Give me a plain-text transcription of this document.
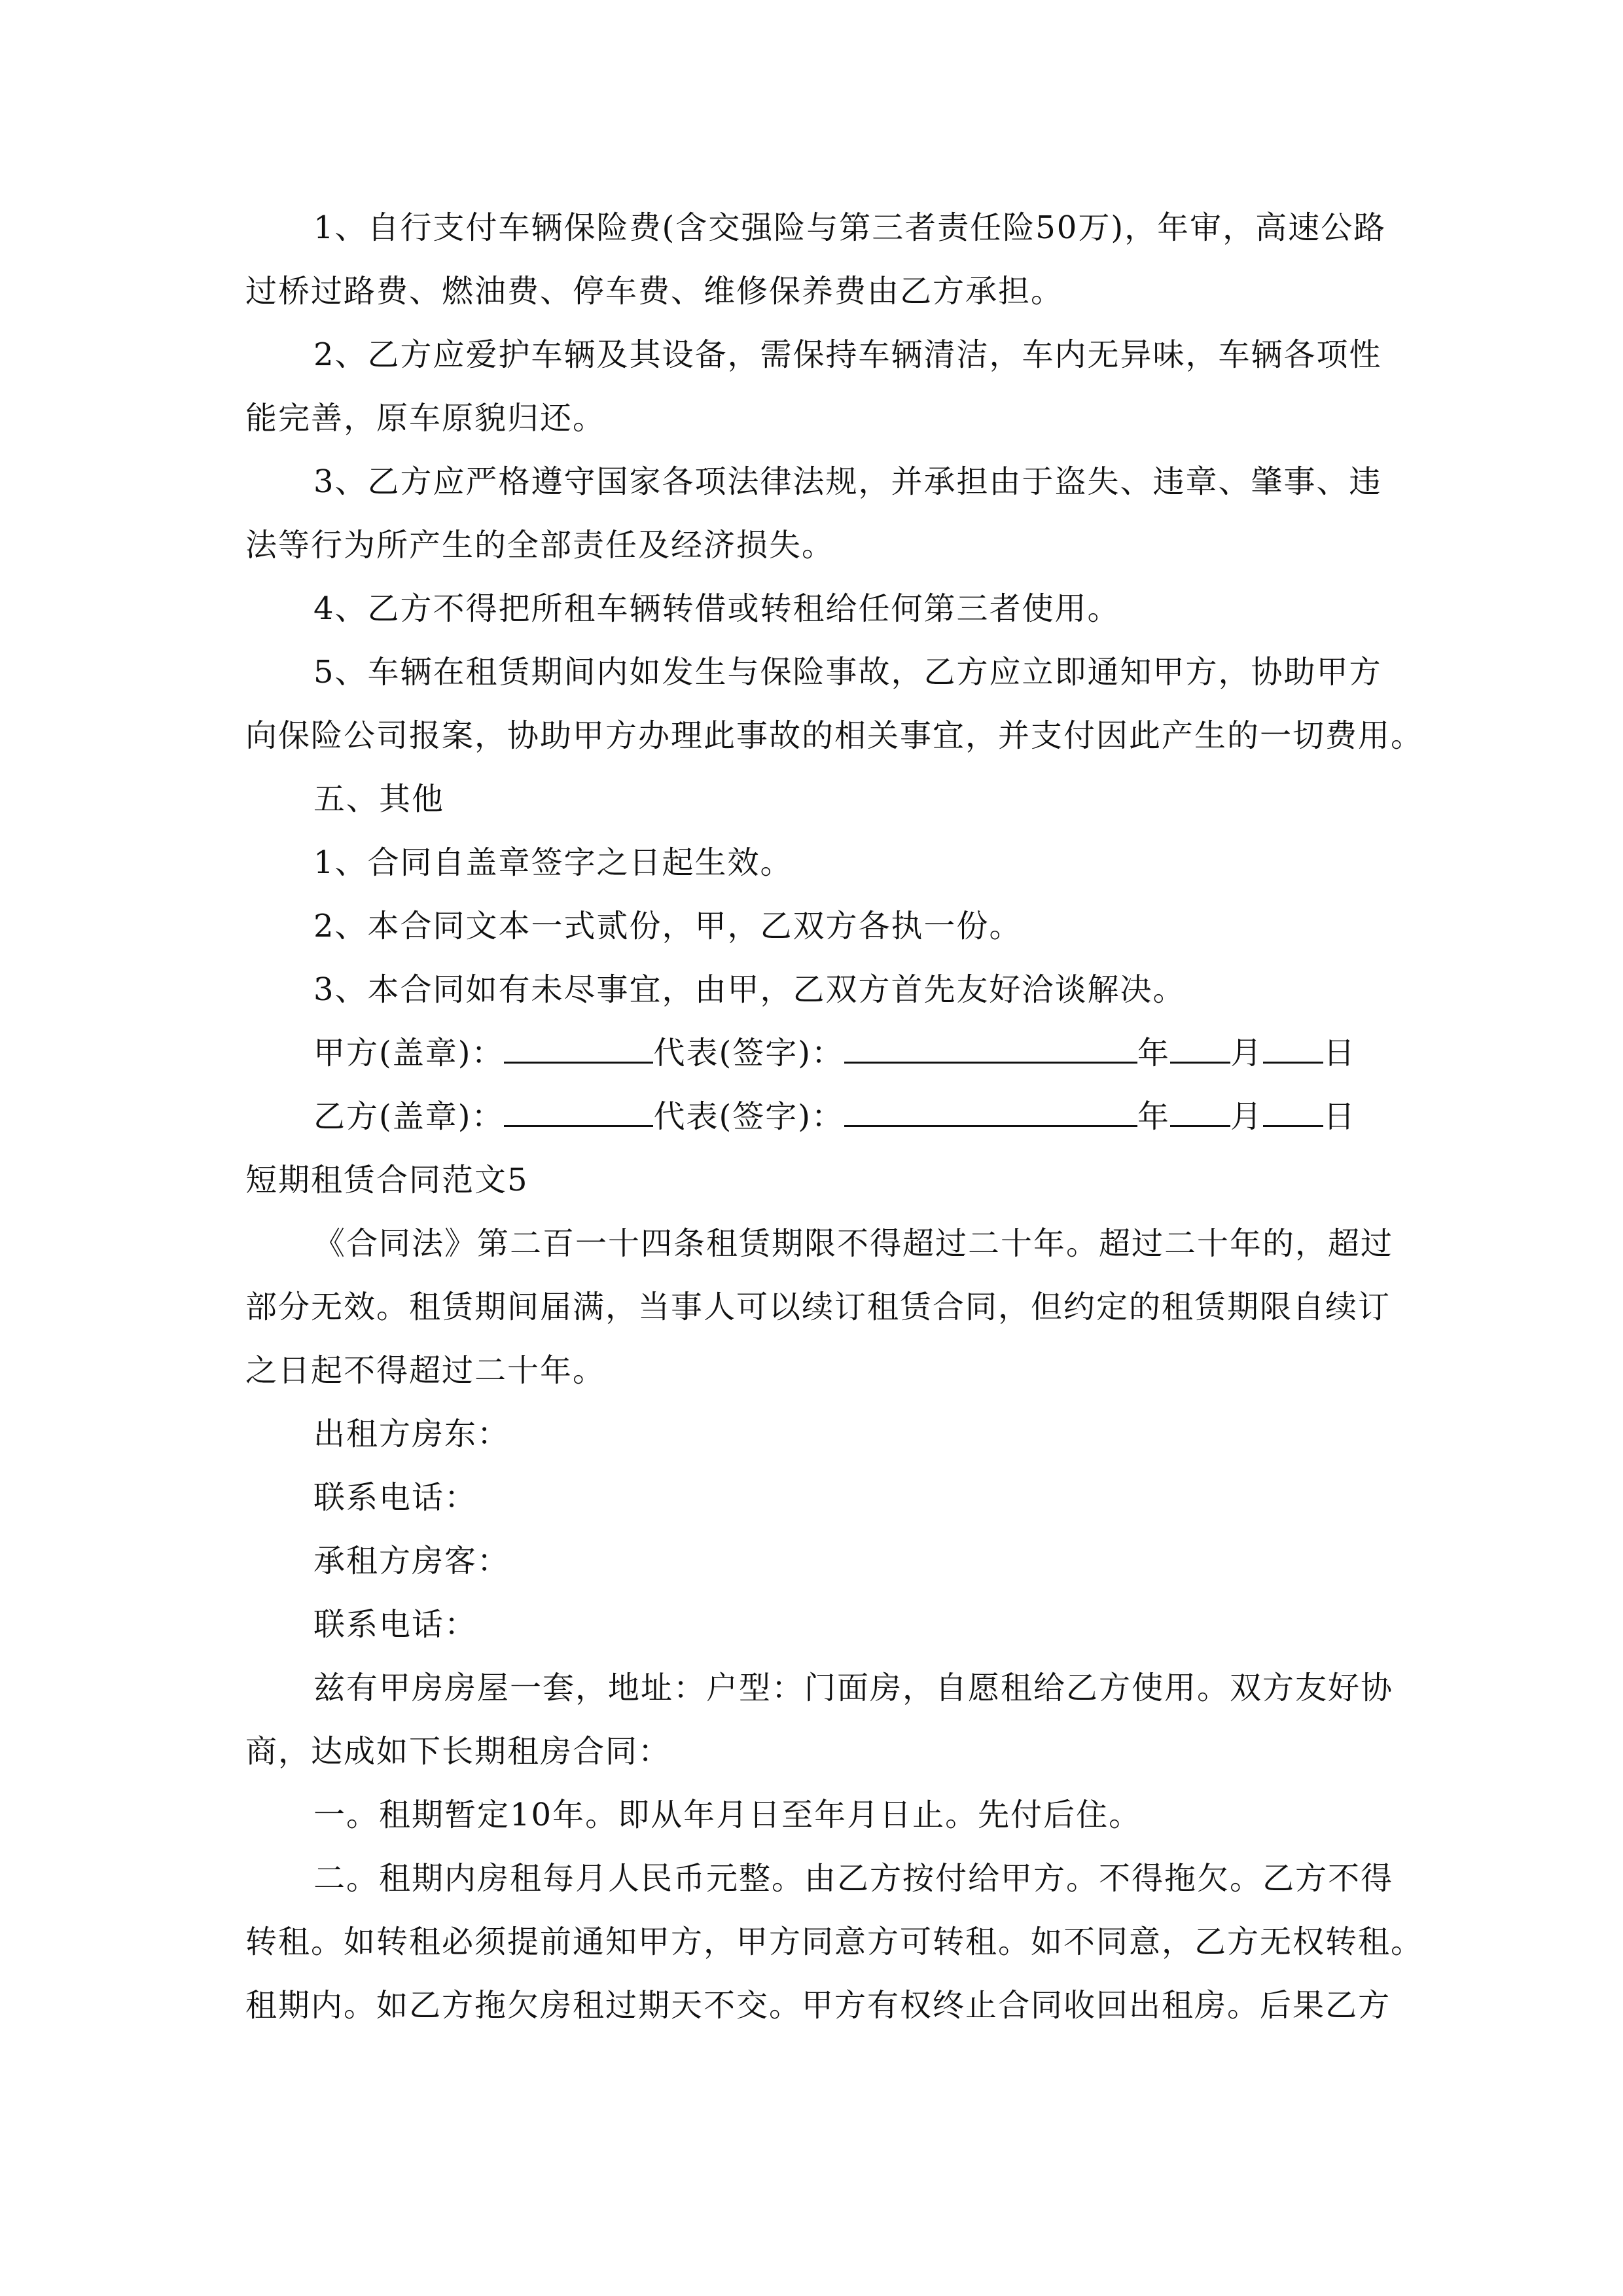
1、自行支付车辆保险费(含交强险与第三者责任险50万)，年审，高速公路
过桥过路费、燃油费、停车费、维修保养费由乙方承担。
2、乙方应爱护车辆及其设备，需保持车辆清洁，车内无异味，车辆各项性
能完善，原车原貌归还。
3、乙方应严格遵守国家各项法律法规，并承担由于盗失、违章、肇事、违
法等行为所产生的全部责任及经济损失。
4、乙方不得把所租车辆转借或转租给任何第三者使用。
5、车辆在租赁期间内如发生与保险事故，乙方应立即通知甲方，协助甲方
向保险公司报案，协助甲方办理此事故的相关事宜，并支付因此产生的一切费用。
五、其他
1、合同自盖章签字之日起生效。
2、本合同文本一式贰份，甲，乙双方各执一份。
3、本合同如有未尽事宜，由甲，乙双方首先友好洽谈解决。
甲方(盖章)：	代表(签字)：	年 月 日
乙方(盖章)：	代表(签字)：	年 月 日
短期租赁合同范文5
《合同法》第二百一十四条租赁期限不得超过二十年。超过二十年的，超过
部分无效。租赁期间届满，当事人可以续订租赁合同，但约定的租赁期限自续订
之日起不得超过二十年。
出租方房东：
联系电话：
承租方房客：
联系电话：
兹有甲房房屋一套，地址：户型：门面房，自愿租给乙方使用。双方友好协
商，达成如下长期租房合同：
一。租期暂定10年。即从年月日至年月日止。先付后住。
二。租期内房租每月人民币元整。由乙方按付给甲方。不得拖欠。乙方不得
转租。如转租必须提前通知甲方，甲方同意方可转租。如不同意，乙方无权转租。
租期内。如乙方拖欠房租过期天不交。甲方有权终止合同收回出租房。后果乙方
